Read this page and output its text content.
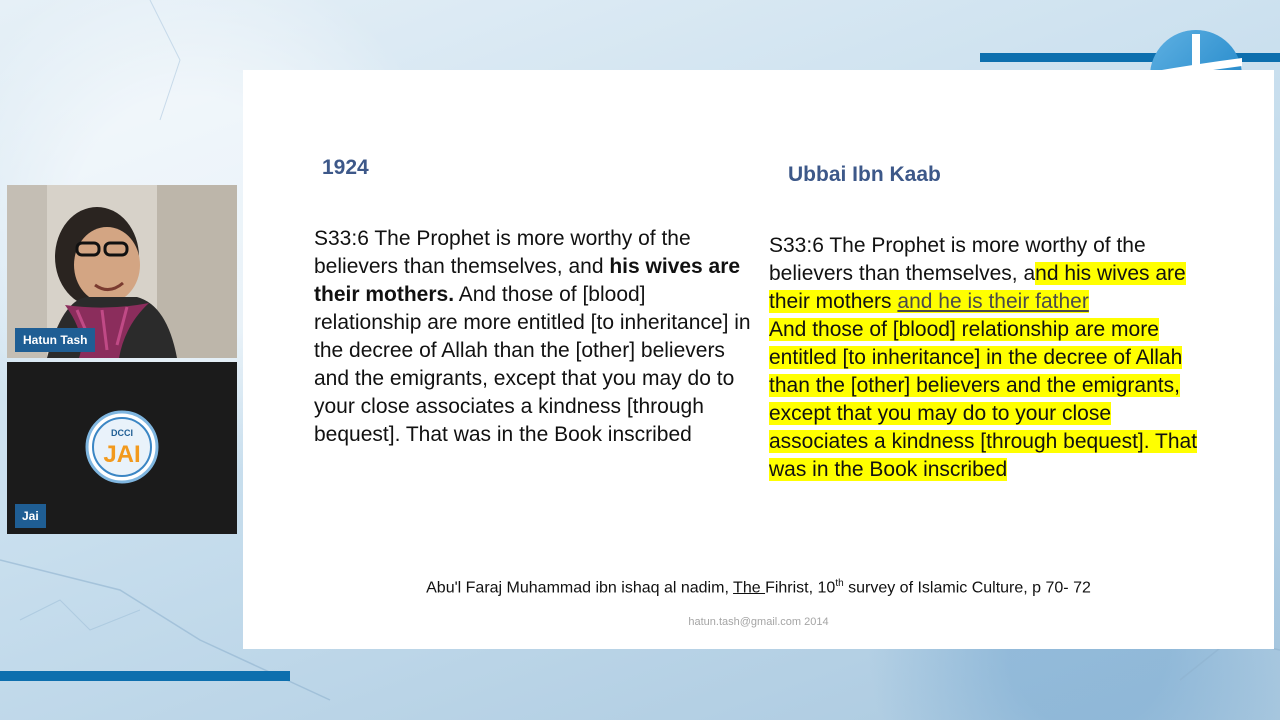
1924	Ubbai Ibn Kaab
S33:6 The Prophet is more worthy of the believers than themselves, and his wives are their mothers. And those of [blood] relationship are more entitled [to inheritance] in the decree of Allah than the [other] believers and the emigrants, except that you may do to your close associates a kindness [through bequest]. That was in the Book inscribed
S33:6 The Prophet is more worthy of the believers than themselves, and his wives are their mothers and he is their father
And those of [blood] relationship are more entitled [to inheritance] in the decree of Allah than the [other] believers and the emigrants, except that you may do to your close associates a kindness [through bequest]. That was in the Book inscribed
Abu'l Faraj Muhammad ibn ishaq al nadim, The Fihrist, 10th survey of Islamic Culture, p 70- 72
hatun.tash@gmail.com 2014
Hatun Tash
DCCI
JAI
Jai
